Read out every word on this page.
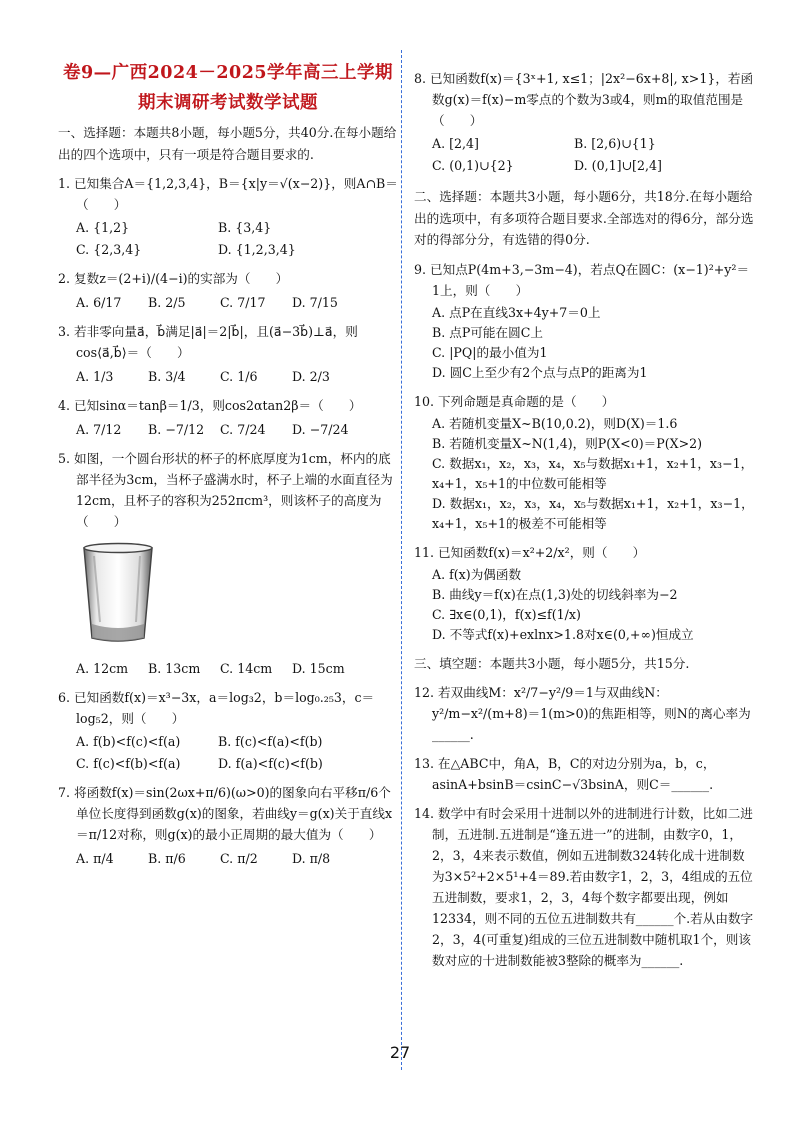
卷9—广西2024－2025学年高三上学期
期末调研考试数学试题
一、选择题：本题共8小题，每小题5分，共40分.在每小题给出的四个选项中，只有一项是符合题目要求的.
1. 已知集合A＝{1,2,3,4}，B＝{x|y＝√(x−2)}，则A∩B＝（　　）
A. {1,2}	B. {3,4}
C. {2,3,4}	D. {1,2,3,4}
2. 复数z＝(2+i)/(4−i)的实部为（　　）
A. 6/17	B. 2/5	C. 7/17	D. 7/15
3. 若非零向量a⃗，b⃗满足|a⃗|＝2|b⃗|，且(a⃗−3b⃗)⊥a⃗，则cos⟨a⃗,b⃗⟩＝（　　）
A. 1/3	B. 3/4	C. 1/6	D. 2/3
4. 已知sinα＝tanβ＝1/3，则cos2αtan2β＝（　　）
A. 7/12	B. −7/12	C. 7/24	D. −7/24
5. 如图，一个圆台形状的杯子的杯底厚度为1cm，杯内的底部半径为3cm，当杯子盛满水时，杯子上端的水面直径为12cm，且杯子的容积为252πcm³，则该杯子的高度为（　　）
A. 12cm	B. 13cm	C. 14cm	D. 15cm
6. 已知函数f(x)＝x³−3x，a＝log₃2，b＝log₀.₂₅3，c＝log₅2，则（　　）
A. f(b)<f(c)<f(a)	B. f(c)<f(a)<f(b)
C. f(c)<f(b)<f(a)	D. f(a)<f(c)<f(b)
7. 将函数f(x)＝sin(2ωx+π/6)(ω>0)的图象向右平移π/6个单位长度得到函数g(x)的图象，若曲线y＝g(x)关于直线x＝π/12对称，则g(x)的最小正周期的最大值为（　　）
A. π/4	B. π/6	C. π/2	D. π/8
8. 已知函数f(x)＝{3ˣ+1, x≤1；|2x²−6x+8|, x>1}，若函数g(x)＝f(x)−m零点的个数为3或4，则m的取值范围是（　　）
A. [2,4]	B. [2,6)∪{1}
C. (0,1)∪{2}	D. (0,1]∪[2,4]
二、选择题：本题共3小题，每小题6分，共18分.在每小题给出的选项中，有多项符合题目要求.全部选对的得6分，部分选对的得部分分，有选错的得0分.
9. 已知点P(4m+3,−3m−4)，若点Q在圆C：(x−1)²+y²＝1上，则（　　）
A. 点P在直线3x+4y+7＝0上
B. 点P可能在圆C上
C. |PQ|的最小值为1
D. 圆C上至少有2个点与点P的距离为1
10. 下列命题是真命题的是（　　）
A. 若随机变量X~B(10,0.2)，则D(X)＝1.6
B. 若随机变量X~N(1,4)，则P(X<0)＝P(X>2)
C. 数据x₁，x₂，x₃，x₄，x₅与数据x₁+1，x₂+1，x₃−1，x₄+1，x₅+1的中位数可能相等
D. 数据x₁，x₂，x₃，x₄，x₅与数据x₁+1，x₂+1，x₃−1，x₄+1，x₅+1的极差不可能相等
11. 已知函数f(x)＝x²+2/x²，则（　　）
A. f(x)为偶函数
B. 曲线y＝f(x)在点(1,3)处的切线斜率为−2
C. ∃x∈(0,1)，f(x)≤f(1/x)
D. 不等式f(x)+exlnx>1.8对x∈(0,+∞)恒成立
三、填空题：本题共3小题，每小题5分，共15分.
12. 若双曲线M：x²/7−y²/9＝1与双曲线N：y²/m−x²/(m+8)＝1(m>0)的焦距相等，则N的离心率为______.
13. 在△ABC中，角A，B，C的对边分别为a，b，c，asinA+bsinB＝csinC−√3bsinA，则C＝______.
14. 数学中有时会采用十进制以外的进制进行计数，比如二进制，五进制.五进制是“逢五进一”的进制，由数字0，1，2，3，4来表示数值，例如五进制数324转化成十进制数为3×5²+2×5¹+4＝89.若由数字1，2，3，4组成的五位五进制数，要求1，2，3，4每个数字都要出现，例如12334，则不同的五位五进制数共有______个.若从由数字2，3，4(可重复)组成的三位五进制数中随机取1个，则该数对应的十进制数能被3整除的概率为______.
27
